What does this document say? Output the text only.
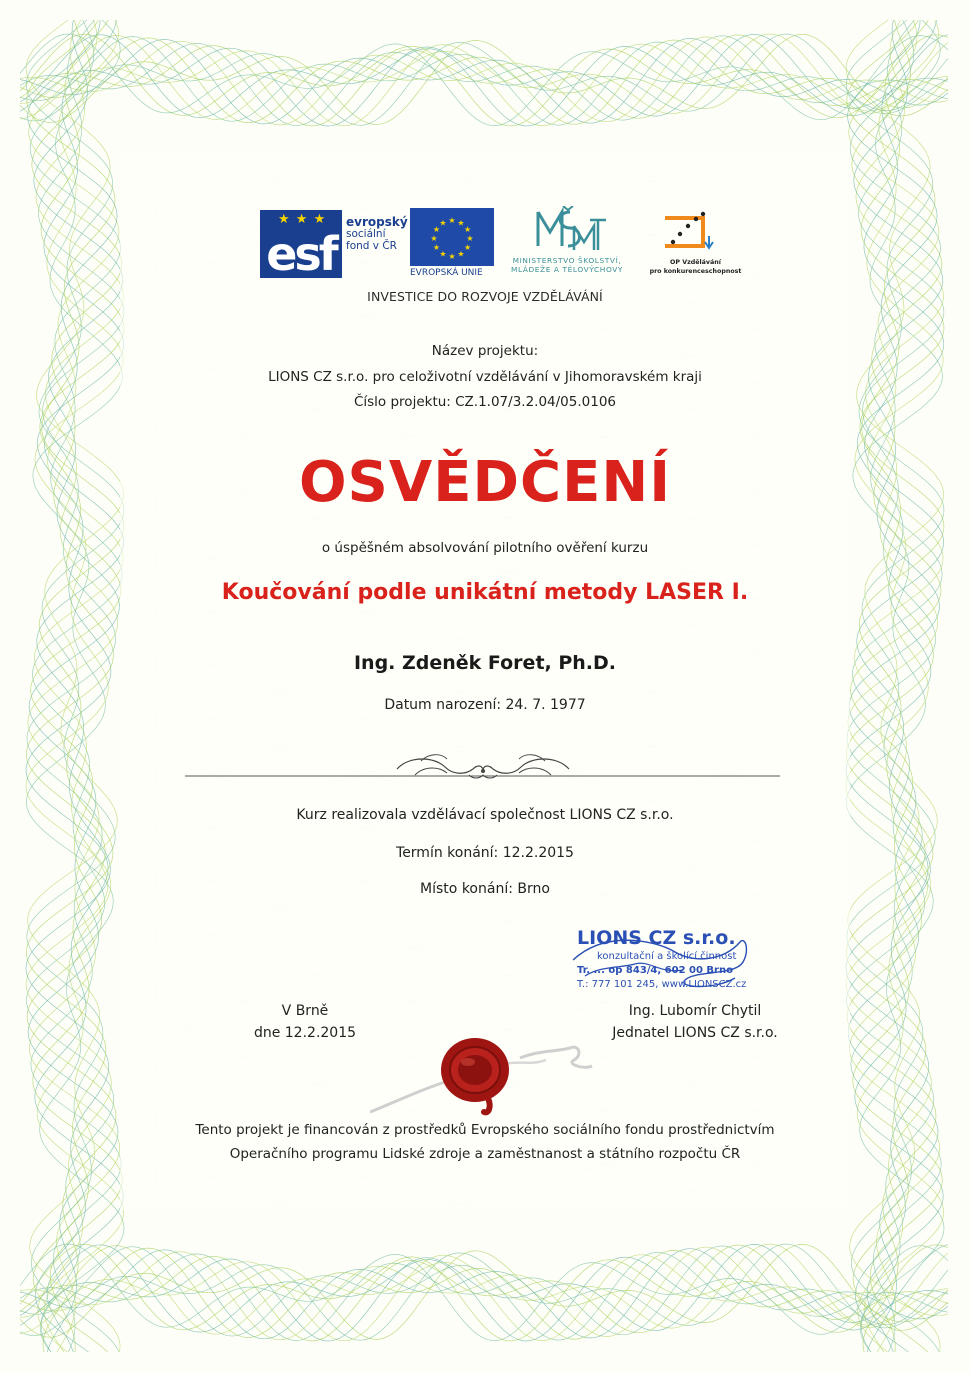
★ ★ ★
esf
evropský
sociální
fond v ČR
★
★
★
★
★
★
★
★
★ ★ ★
★
EVROPSKÁ UNIE
MINISTERSTVO ŠKOLSTVÍ,
MLÁDEŽE A TĚLOVÝCHOVY
OP Vzdělávání
pro konkurenceschopnost
INVESTICE DO ROZVOJE VZDĚLÁVÁNÍ
Název projektu:
LIONS CZ s.r.o. pro celoživotní vzdělávání v Jihomoravském kraji
Číslo projektu: CZ.1.07/3.2.04/05.0106
OSVĚDČENÍ
o úspěšném absolvování pilotního ověření kurzu
Koučování podle unikátní metody LASER I.
Ing. Zdeněk Foret, Ph.D.
Datum narození: 24. 7. 1977
Kurz realizovala vzdělávací společnost LIONS CZ s.r.o.
Termín konání: 12.2.2015
Místo konání: Brno
LIONS CZ s.r.o.
konzultační a školící činnost
Tr. ... op 843/4, 602 00 Brno
T.: 777 101 245, www.LIONSCZ.cz
V Brně
dne 12.2.2015
Ing. Lubomír Chytil
Jednatel LIONS CZ s.r.o.
Tento projekt je financován z prostředků Evropského sociálního fondu prostřednictvím
Operačního programu Lidské zdroje a zaměstnanost a státního rozpočtu ČR
